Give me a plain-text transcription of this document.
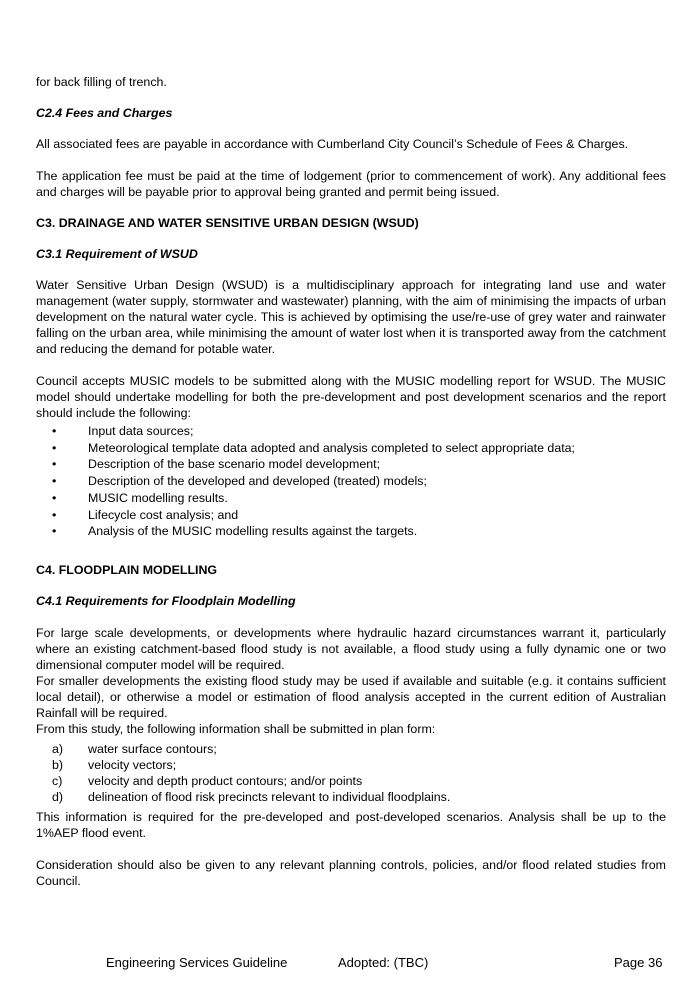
for back filling of trench.

C2.4 Fees and Charges

All associated fees are payable in accordance with Cumberland City Council’s Schedule of Fees & Charges.

The application fee must be paid at the time of lodgement (prior to commencement of work). Any additional fees and charges will be payable prior to approval being granted and permit being issued.

C3. DRAINAGE AND WATER SENSITIVE URBAN DESIGN (WSUD)
C3.1 Requirement of WSUD

Water Sensitive Urban Design (WSUD) is a multidisciplinary approach for integrating land use and water management (water supply, stormwater and wastewater) planning, with the aim of minimising the impacts of urban development on the natural water cycle. This is achieved by optimising the use/re-use of grey water and rainwater falling on the urban area, while minimising the amount of water lost when it is transported away from the catchment and reducing the demand for potable water.

Council accepts MUSIC models to be submitted along with the MUSIC modelling report for WSUD. The MUSIC model should undertake modelling for both the pre-development and post development scenarios and the report should include the following:

•	Input data sources;
•	Meteorological template data adopted and analysis completed to select appropriate data;
•	Description of the base scenario model development;
•	Description of the developed and developed (treated) models;
•	MUSIC modelling results.
•	Lifecycle cost analysis; and
•	Analysis of the MUSIC modelling results against the targets.
C4. FLOODPLAIN MODELLING
C4.1 Requirements for Floodplain Modelling

For large scale developments, or developments where hydraulic hazard circumstances warrant it, particularly where an existing catchment-based flood study is not available, a flood study using a fully dynamic one or two dimensional computer model will be required.

For smaller developments the existing flood study may be used if available and suitable (e.g. it contains sufficient local detail), or otherwise a model or estimation of flood analysis accepted in the current edition of Australian Rainfall will be required.

From this study, the following information shall be submitted in plan form:

a) water surface contours;
b) velocity vectors;
c) velocity and depth product contours; and/or points
d) delineation of flood risk precincts relevant to individual floodplains.

This information is required for the pre-developed and post-developed scenarios. Analysis shall be up to the 1%AEP flood event.

Consideration should also be given to any relevant planning controls, policies, and/or flood related studies from Council.

Engineering Services Guideline	Adopted: (TBC)	Page 36
